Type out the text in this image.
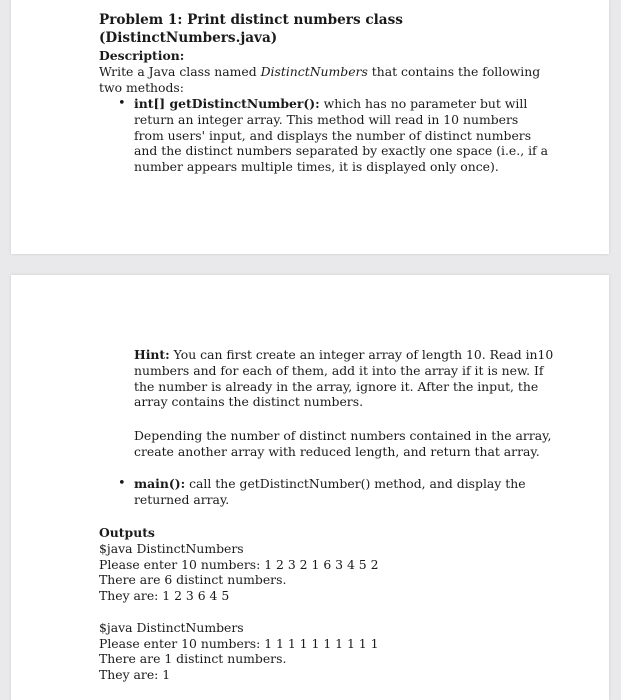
Problem 1: Print distinct numbers class

(DistinctNumbers.java)

Description:

Write a Java class named DistinctNumbers that contains the following

two methods:

• int[] getDistinctNumber(): which has no parameter but will

return an integer array. This method will read in 10 numbers
from users' input, and displays the number of distinct numbers
and the distinct numbers separated by exactly one space (i.e., if a
number appears multiple times, it is displayed only once).

Hint: You can first create an integer array of length 10. Read in10

numbers and for each of them, add it into the array if it is new. If
the number is already in the array, ignore it. After the input, the
array contains the distinct numbers.
Depending the number of distinct numbers contained in the array,
create another array with reduced length, and return that array.
• main(): call the getDistinctNumber() method, and display the

returned array.

Outputs

$java DistinctNumbers
Please enter 10 numbers: 1 2 3 2 1 6 3 4 5 2
There are 6 distinct numbers.
They are: 1 2 3 6 4 5
$java DistinctNumbers
Please enter 10 numbers: 1 1 1 1 1 1 1 1 1 1
There are 1 distinct numbers.
They are: 1
